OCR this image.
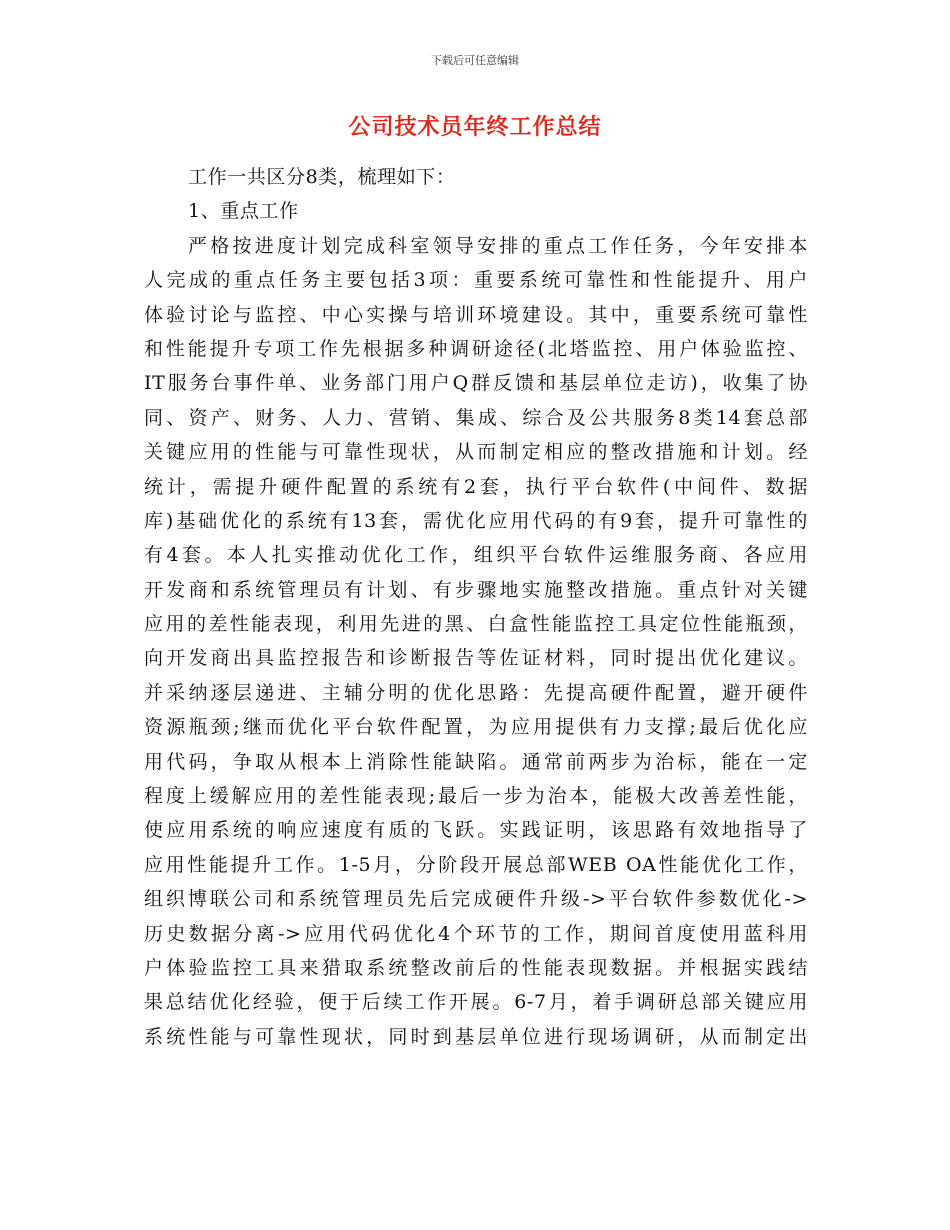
下载后可任意编辑
公司技术员年终工作总结
工作一共区分8类，梳理如下：
1、重点工作
严格按进度计划完成科室领导安排的重点工作任务，今年安排本
人完成的重点任务主要包括3项：重要系统可靠性和性能提升、用户
体验讨论与监控、中心实操与培训环境建设。其中，重要系统可靠性
和性能提升专项工作先根据多种调研途径(北塔监控、用户体验监控、
IT服务台事件单、业务部门用户Q群反馈和基层单位走访)，收集了协
同、资产、财务、人力、营销、集成、综合及公共服务8类14套总部
关键应用的性能与可靠性现状，从而制定相应的整改措施和计划。经
统计，需提升硬件配置的系统有2套，执行平台软件(中间件、数据
库)基础优化的系统有13套，需优化应用代码的有9套，提升可靠性的
有4套。本人扎实推动优化工作，组织平台软件运维服务商、各应用
开发商和系统管理员有计划、有步骤地实施整改措施。重点针对关键
应用的差性能表现，利用先进的黑、白盒性能监控工具定位性能瓶颈，
向开发商出具监控报告和诊断报告等佐证材料，同时提出优化建议。
并采纳逐层递进、主辅分明的优化思路：先提高硬件配置，避开硬件
资源瓶颈;继而优化平台软件配置，为应用提供有力支撑;最后优化应
用代码，争取从根本上消除性能缺陷。通常前两步为治标，能在一定
程度上缓解应用的差性能表现;最后一步为治本，能极大改善差性能，
使应用系统的响应速度有质的飞跃。实践证明，该思路有效地指导了
应用性能提升工作。1-5月，分阶段开展总部WEB OA性能优化工作，
组织博联公司和系统管理员先后完成硬件升级->平台软件参数优化->
历史数据分离->应用代码优化4个环节的工作，期间首度使用蓝科用
户体验监控工具来猎取系统整改前后的性能表现数据。并根据实践结
果总结优化经验，便于后续工作开展。6-7月，着手调研总部关键应用
系统性能与可靠性现状，同时到基层单位进行现场调研，从而制定出
